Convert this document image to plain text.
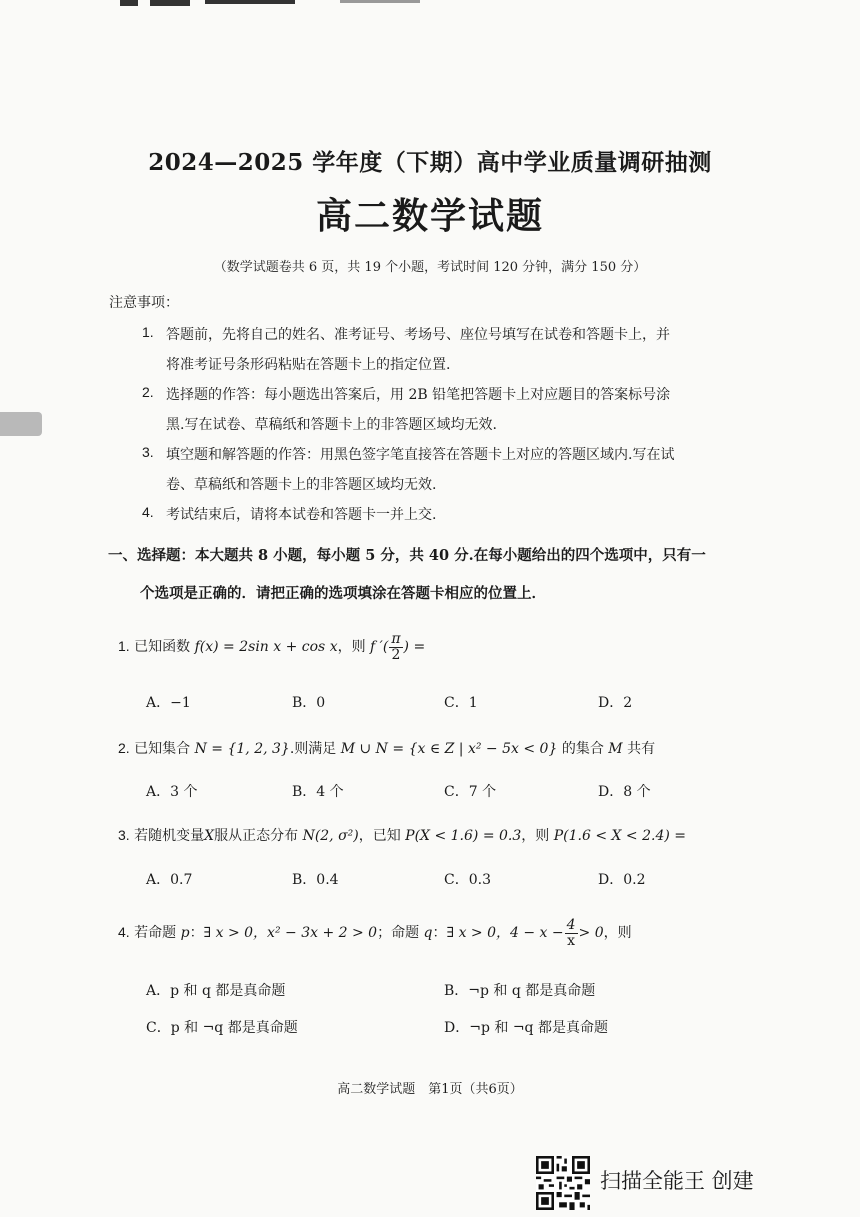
2024—2025 学年度（下期）高中学业质量调研抽测
高二数学试题
（数学试题卷共 6 页，共 19 个小题，考试时间 120 分钟，满分 150 分）
注意事项：
1. 答题前，先将自己的姓名、准考证号、考场号、座位号填写在试卷和答题卡上，并
将准考证号条形码粘贴在答题卡上的指定位置.
2. 选择题的作答：每小题选出答案后，用 2B 铅笔把答题卡上对应题目的答案标号涂
黑.写在试卷、草稿纸和答题卡上的非答题区域均无效.
3. 填空题和解答题的作答：用黑色签字笔直接答在答题卡上对应的答题区域内.写在试
卷、草稿纸和答题卡上的非答题区域均无效.
4. 考试结束后，请将本试卷和答题卡一并上交.
一、选择题：本大题共 8 小题，每小题 5 分，共 40 分.在每小题给出的四个选项中，只有一
个选项是正确的．请把正确的选项填涂在答题卡相应的位置上．
1. 已知函数 f(x) = 2sin x + cos x，则 f ′( $\frac{\pi}{2}$ ) =
A．−1	B．0	C．1	D．2
2. 已知集合 N = {1, 2, 3}.则满足 M ∪ N = {x ∈ Z | x² − 5x < 0} 的集合 M 共有
A．3 个	B．4 个	C．7 个	D．8 个
3. 若随机变量X服从正态分布 N(2, σ²)，已知 P(X < 1.6) = 0.3，则 P(1.6 < X < 2.4) =
A．0.7	B．0.4	C．0.3	D．0.2
4. 若命题 p：∃ x > 0，x² − 3x + 2 > 0；命题 q：∃ x > 0，$4 - x - \frac{4}{x} > 0$，则
A．p 和 q 都是真命题	B．¬p 和 q 都是真命题
C．p 和 ¬q 都是真命题	D．¬p 和 ¬q 都是真命题
高二数学试题　第1页（共6页）
扫描全能王 创建
